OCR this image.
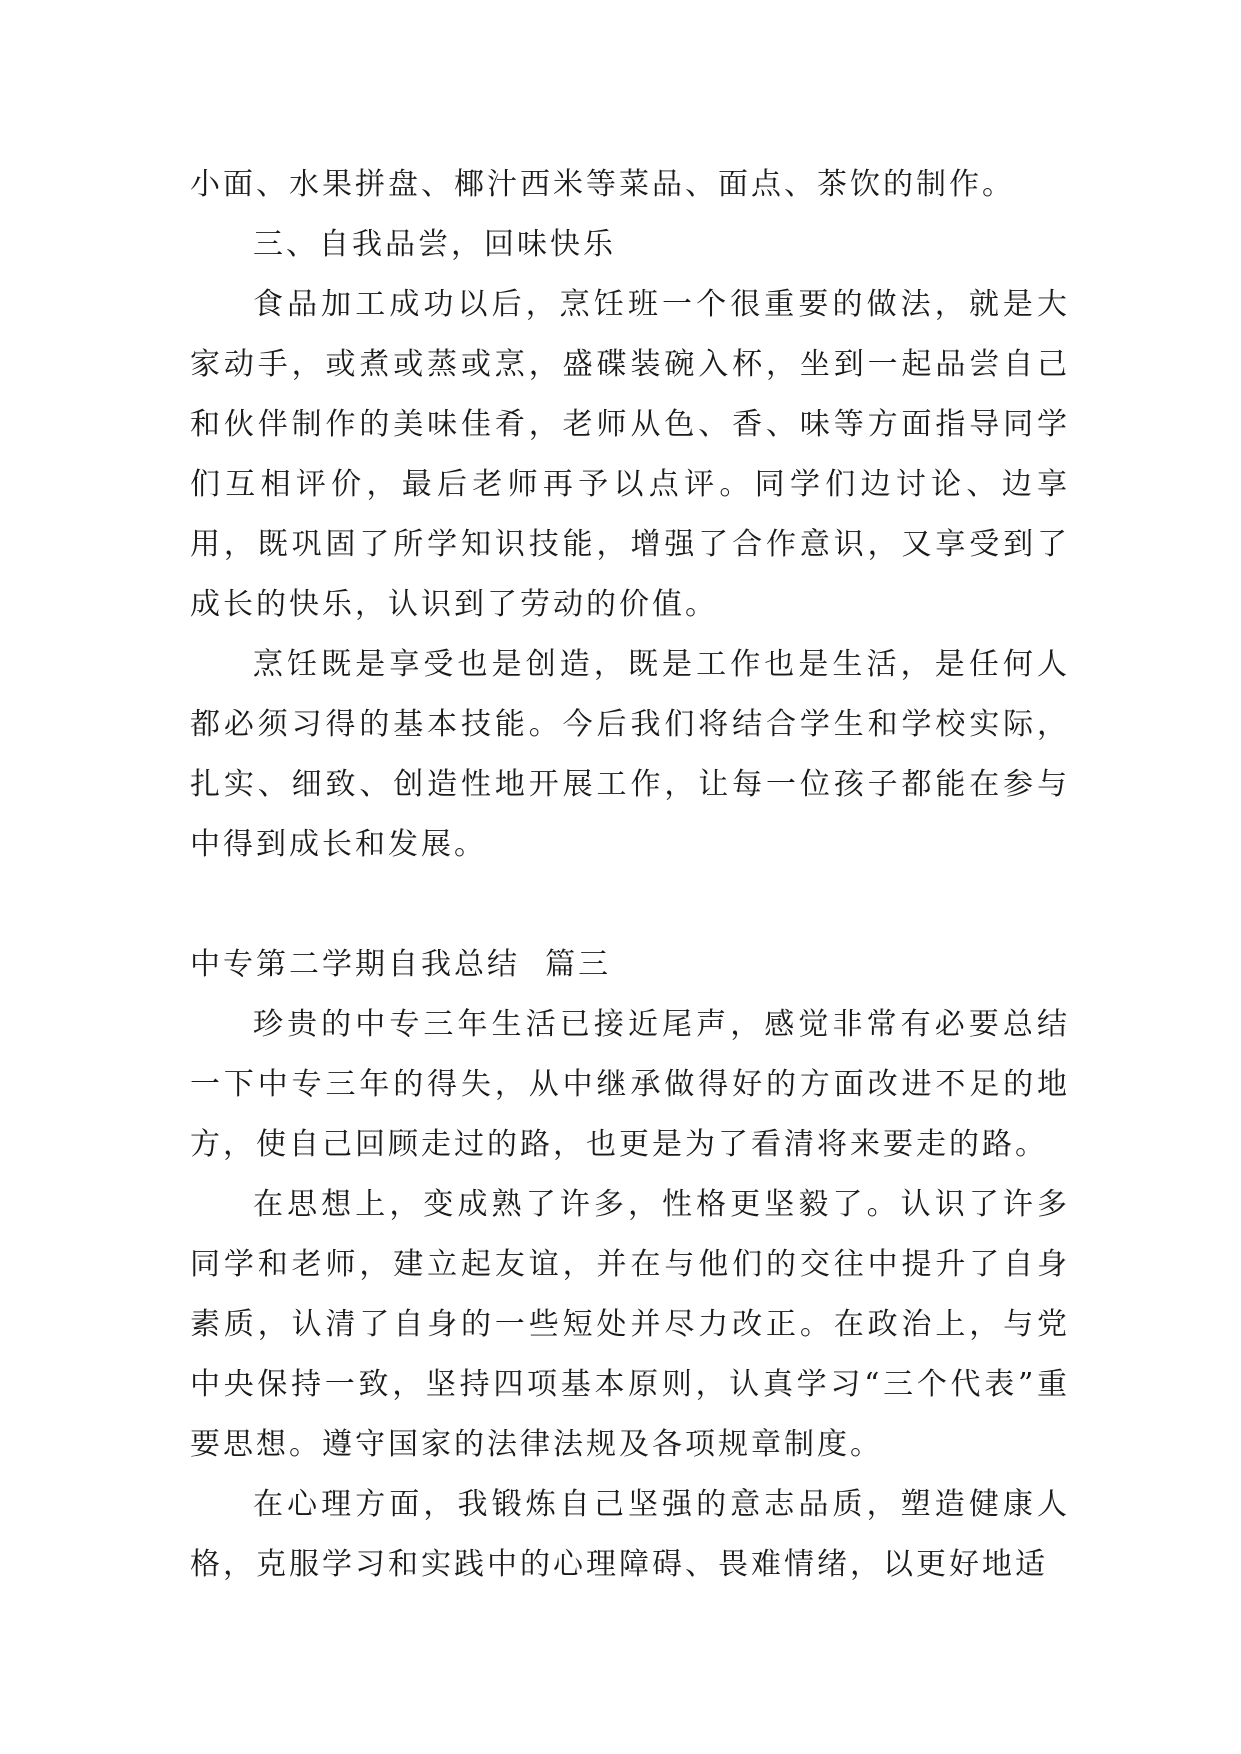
小面、水果拼盘、椰汁西米等菜品、面点、茶饮的制作。

三、自我品尝，回味快乐

食品加工成功以后，烹饪班一个很重要的做法，就是大家动手，或煮或蒸或烹，盛碟装碗入杯，坐到一起品尝自己和伙伴制作的美味佳肴，老师从色、香、味等方面指导同学们互相评价，最后老师再予以点评。同学们边讨论、边享用，既巩固了所学知识技能，增强了合作意识，又享受到了成长的快乐，认识到了劳动的价值。

烹饪既是享受也是创造，既是工作也是生活，是任何人都必须习得的基本技能。今后我们将结合学生和学校实际，扎实、细致、创造性地开展工作，让每一位孩子都能在参与中得到成长和发展。

中专第二学期自我总结  篇三

珍贵的中专三年生活已接近尾声，感觉非常有必要总结一下中专三年的得失，从中继承做得好的方面改进不足的地方，使自己回顾走过的路，也更是为了看清将来要走的路。

在思想上，变成熟了许多，性格更坚毅了。认识了许多同学和老师，建立起友谊，并在与他们的交往中提升了自身素质，认清了自身的一些短处并尽力改正。在政治上，与党中央保持一致，坚持四项基本原则，认真学习“三个代表”重要思想。遵守国家的法律法规及各项规章制度。

在心理方面，我锻炼自己坚强的意志品质，塑造健康人格，克服学习和实践中的心理障碍、畏难情绪，以更好地适
